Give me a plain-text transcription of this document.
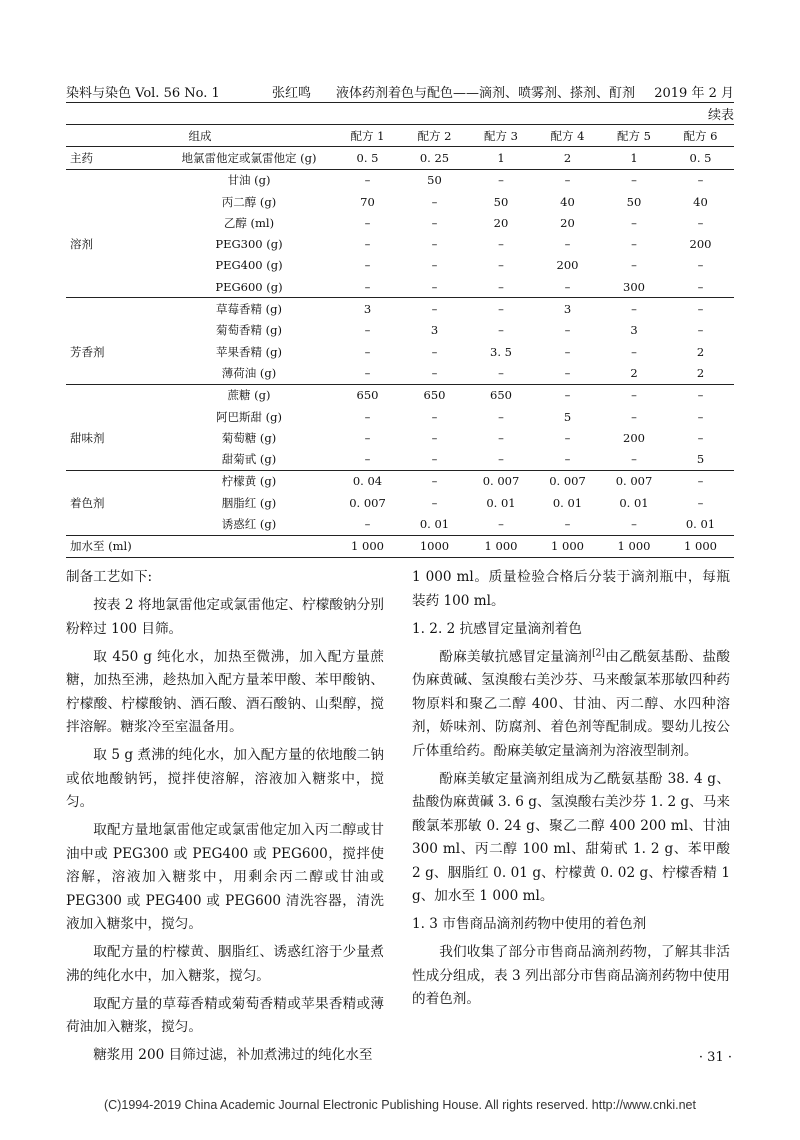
染料与染色 Vol. 56 No. 1	张红鸣 液体药剂着色与配色——滴剂、喷雾剂、搽剂、酊剂 2019 年 2 月
续表
组成		配方 1	配方 2	配方 3	配方 4	配方 5	配方 6
主药	地氯雷他定或氯雷他定 (g)	0. 5	0. 25	1	2	1	0. 5
	甘油 (g)	–	50	–	–	–	–
	丙二醇 (g)	70	–	50	40	50	40
	乙醇 (ml)	–	–	20	20	–	–
溶剂	PEG300 (g)	–	–	–	–	–	200
	PEG400 (g)	–	–	–	200	–	–
	PEG600 (g)	–	–	–	–	300	–
	草莓香精 (g)	3	–	–	3	–	–
	菊萄香精 (g)	–	3	–	–	3	–
芳香剂	苹果香精 (g)	–	–	3. 5	–	–	2
	薄荷油 (g)	–	–	–	–	2	2
	蔗糖 (g)	650	650	650	–	–	–
	阿巴斯甜 (g)	–	–	–	5	–	–
甜味剂	菊萄糖 (g)	–	–	–	–	200	–
	甜菊甙 (g)	–	–	–	–	–	5
	柠檬黄 (g)	0. 04	–	0. 007	0. 007	0. 007	–
着色剂	胭脂红 (g)	0. 007	–	0. 01	0. 01	0. 01	–
	诱惑红 (g)	–	0. 01	–	–	–	0. 01
加水至 (ml)		1 000	1000	1 000	1 000	1 000	1 000

制备工艺如下:

按表 2 将地氯雷他定或氯雷他定、柠檬酸钠分别粉粹过 100 目筛。

取 450 g 纯化水，加热至微沸，加入配方量蔗糖，加热至沸，趁热加入配方量苯甲酸、苯甲酸钠、柠檬酸、柠檬酸钠、酒石酸、酒石酸钠、山梨醇，搅拌溶解。糖浆冷至室温备用。

取 5 g 煮沸的纯化水，加入配方量的依地酸二钠或依地酸钠钙，搅拌使溶解，溶液加入糖浆中，搅匀。

取配方量地氯雷他定或氯雷他定加入丙二醇或甘油中或 PEG300 或 PEG400 或 PEG600，搅拌使溶解，溶液加入糖浆中，用剩余丙二醇或甘油或 PEG300 或 PEG400 或 PEG600 清洗容器，清洗液加入糖浆中，搅匀。

取配方量的柠檬黄、胭脂红、诱惑红溶于少量煮沸的纯化水中，加入糖浆，搅匀。

取配方量的草莓香精或菊萄香精或苹果香精或薄荷油加入糖浆，搅匀。

糖浆用 200 目筛过滤，补加煮沸过的纯化水至

1 000 ml。质量检验合格后分装于滴剂瓶中，每瓶装药 100 ml。

1. 2. 2 抗感冒定量滴剂着色

酚麻美敏抗感冒定量滴剂[2]由乙酰氨基酚、盐酸伪麻黄碱、氢溴酸右美沙芬、马来酸氯苯那敏四种药物原料和聚乙二醇 400、甘油、丙二醇、水四种溶剂，娇味剂、防腐剂、着色剂等配制成。婴幼儿按公斤体重给药。酚麻美敏定量滴剂为溶液型制剂。

酚麻美敏定量滴剂组成为乙酰氨基酚 38. 4 g、盐酸伪麻黄碱 3. 6 g、氢溴酸右美沙芬 1. 2 g、马来酸氯苯那敏 0. 24 g、聚乙二醇 400 200 ml、甘油 300 ml、丙二醇 100 ml、甜菊甙 1. 2 g、苯甲酸 2 g、胭脂红 0. 01 g、柠檬黄 0. 02 g、柠檬香精 1 g、加水至 1 000 ml。

1. 3 市售商品滴剂药物中使用的着色剂

我们收集了部分市售商品滴剂药物，了解其非活性成分组成，表 3 列出部分市售商品滴剂药物中使用的着色剂。

· 31 ·
(C)1994-2019 China Academic Journal Electronic Publishing House. All rights reserved. http://www.cnki.net
